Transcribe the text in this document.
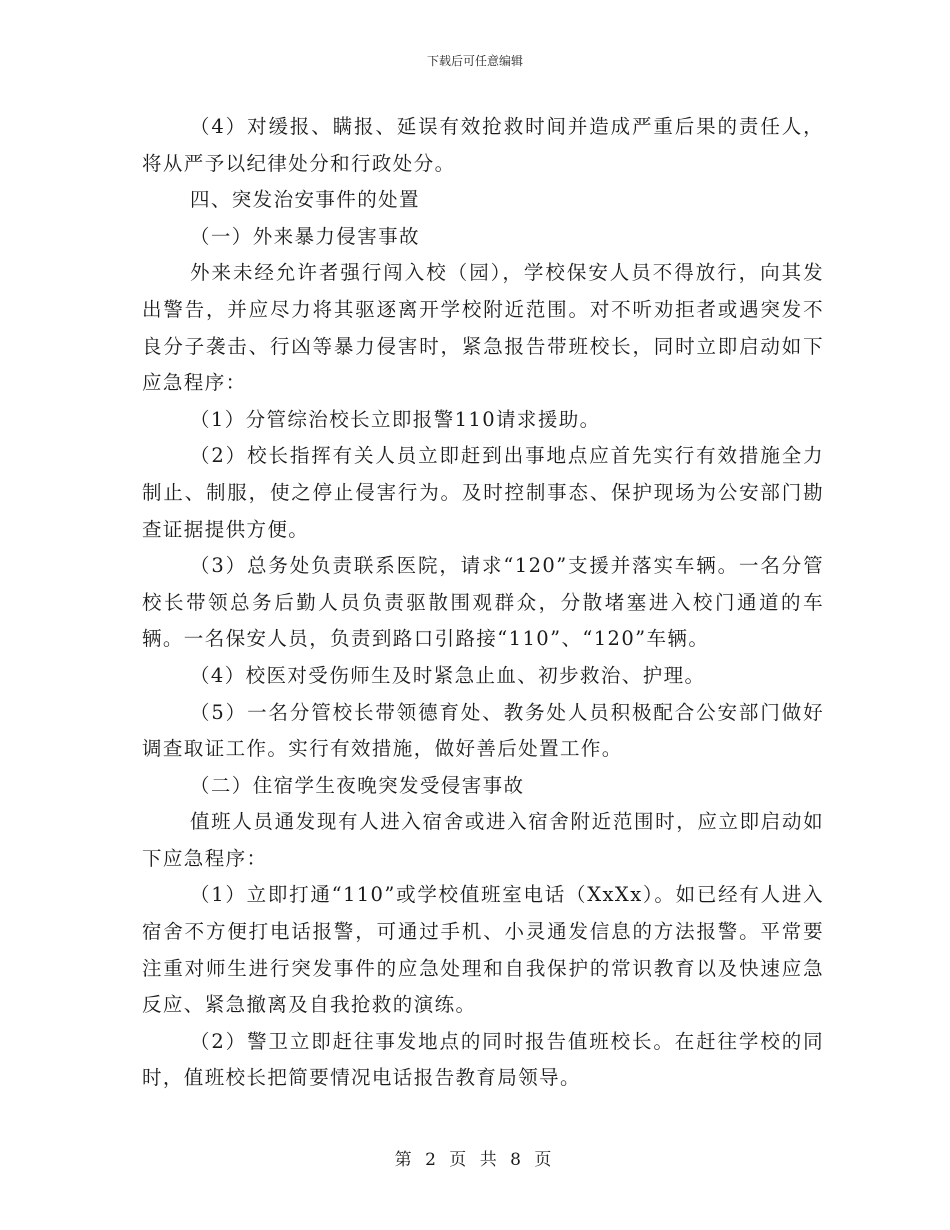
下载后可任意编辑

（4）对缓报、瞒报、延误有效抢救时间并造成严重后果的责任人，将从严予以纪律处分和行政处分。

四、突发治安事件的处置

（一）外来暴力侵害事故

外来未经允许者强行闯入校（园），学校保安人员不得放行，向其发出警告，并应尽力将其驱逐离开学校附近范围。对不听劝拒者或遇突发不良分子袭击、行凶等暴力侵害时，紧急报告带班校长，同时立即启动如下应急程序：

（1）分管综治校长立即报警110请求援助。

（2）校长指挥有关人员立即赶到出事地点应首先实行有效措施全力制止、制服，使之停止侵害行为。及时控制事态、保护现场为公安部门勘查证据提供方便。

（3）总务处负责联系医院，请求“120”支援并落实车辆。一名分管校长带领总务后勤人员负责驱散围观群众，分散堵塞进入校门通道的车辆。一名保安人员，负责到路口引路接“110”、“120”车辆。

（4）校医对受伤师生及时紧急止血、初步救治、护理。

（5）一名分管校长带领德育处、教务处人员积极配合公安部门做好调查取证工作。实行有效措施，做好善后处置工作。

（二）住宿学生夜晚突发受侵害事故

值班人员通发现有人进入宿舍或进入宿舍附近范围时，应立即启动如下应急程序：

（1）立即打通“110”或学校值班室电话（XxXx）。如已经有人进入宿舍不方便打电话报警，可通过手机、小灵通发信息的方法报警。平常要注重对师生进行突发事件的应急处理和自我保护的常识教育以及快速应急反应、紧急撤离及自我抢救的演练。

（2）警卫立即赶往事发地点的同时报告值班校长。在赶往学校的同时，值班校长把简要情况电话报告教育局领导。

第 2 页 共 8 页
